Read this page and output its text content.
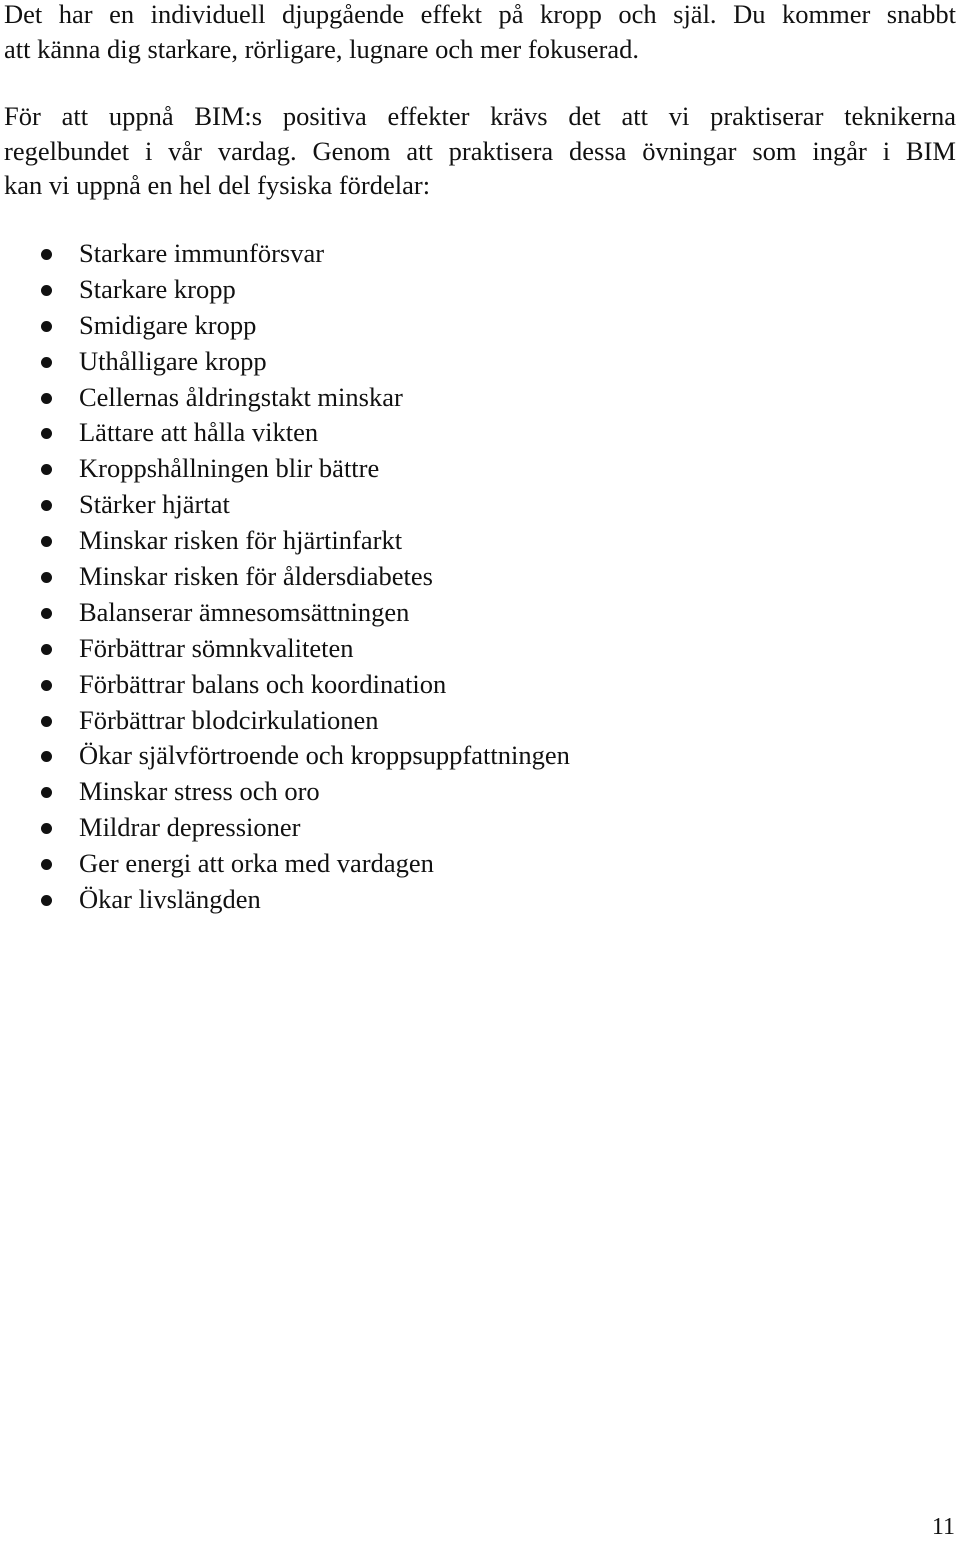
Det har en individuell djupgående effekt på kropp och själ. Du kommer snabbt
att känna dig starkare, rörligare, lugnare och mer fokuserad.

För att uppnå BIM:s positiva effekter krävs det att vi praktiserar teknikerna
regelbundet i vår vardag. Genom att praktisera dessa övningar som ingår i BIM
kan vi uppnå en hel del fysiska fördelar:

Starkare immunförsvar
Starkare kropp
Smidigare kropp
Uthålligare kropp
Cellernas åldringstakt minskar
Lättare att hålla vikten
Kroppshållningen blir bättre
Stärker hjärtat
Minskar risken för hjärtinfarkt
Minskar risken för åldersdiabetes
Balanserar ämnesomsättningen
Förbättrar sömnkvaliteten
Förbättrar balans och koordination
Förbättrar blodcirkulationen
Ökar självförtroende och kroppsuppfattningen
Minskar stress och oro
Mildrar depressioner
Ger energi att orka med vardagen
Ökar livslängden
11
